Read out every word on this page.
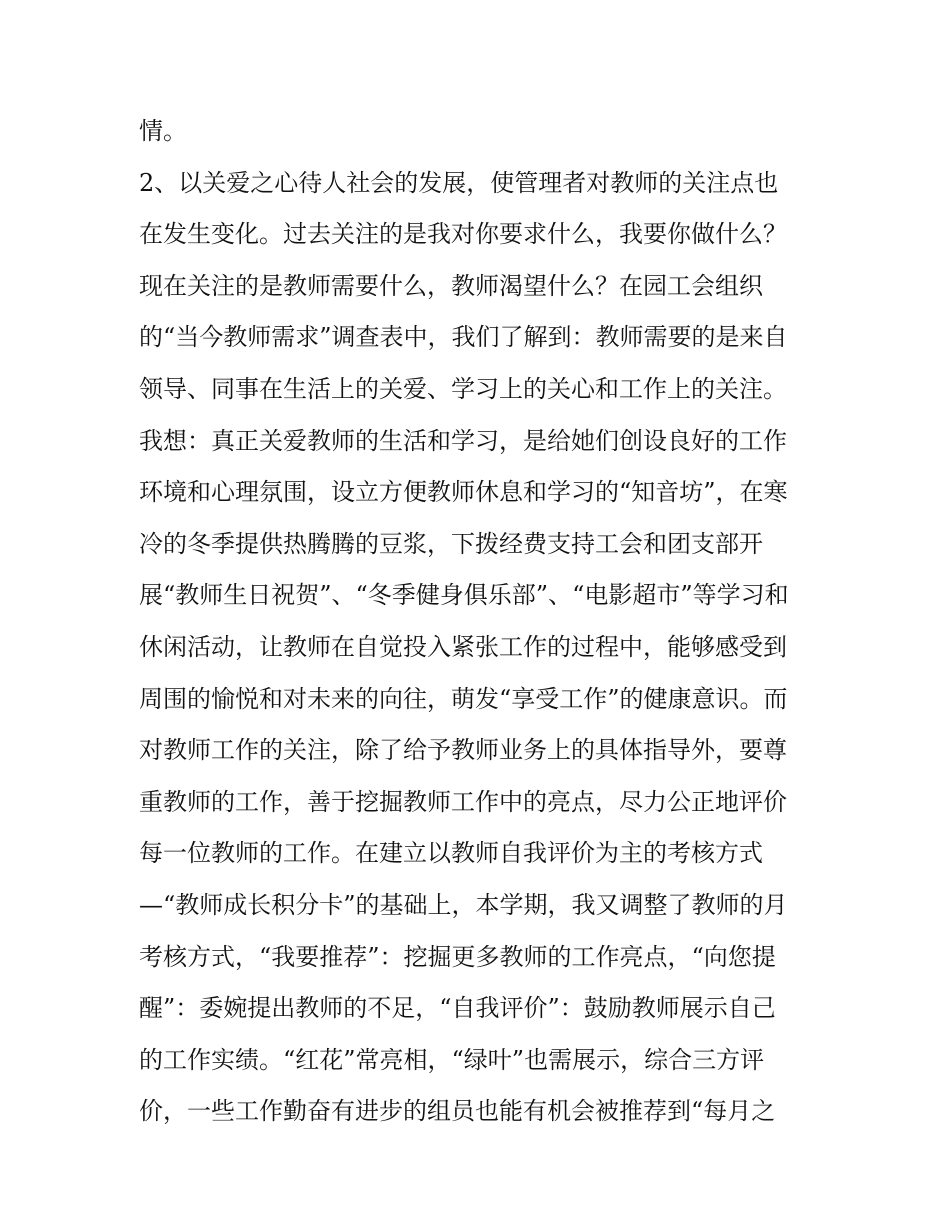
情。
2、以关爱之心待人社会的发展，使管理者对教师的关注点也
在发生变化。过去关注的是我对你要求什么，我要你做什么？
现在关注的是教师需要什么，教师渴望什么？在园工会组织
的“当今教师需求”调查表中，我们了解到：教师需要的是来自
领导、同事在生活上的关爱、学习上的关心和工作上的关注。
我想：真正关爱教师的生活和学习，是给她们创设良好的工作
环境和心理氛围，设立方便教师休息和学习的“知音坊”，在寒
冷的冬季提供热腾腾的豆浆，下拨经费支持工会和团支部开
展“教师生日祝贺”、“冬季健身俱乐部”、“电影超市”等学习和
休闲活动，让教师在自觉投入紧张工作的过程中，能够感受到
周围的愉悦和对未来的向往，萌发“享受工作”的健康意识。而
对教师工作的关注，除了给予教师业务上的具体指导外，要尊
重教师的工作，善于挖掘教师工作中的亮点，尽力公正地评价
每一位教师的工作。在建立以教师自我评价为主的考核方式
—“教师成长积分卡”的基础上，本学期，我又调整了教师的月
考核方式，“我要推荐”：挖掘更多教师的工作亮点，“向您提
醒”：委婉提出教师的不足，“自我评价”：鼓励教师展示自己
的工作实绩。“红花”常亮相，“绿叶”也需展示，综合三方评
价，一些工作勤奋有进步的组员也能有机会被推荐到“每月之
